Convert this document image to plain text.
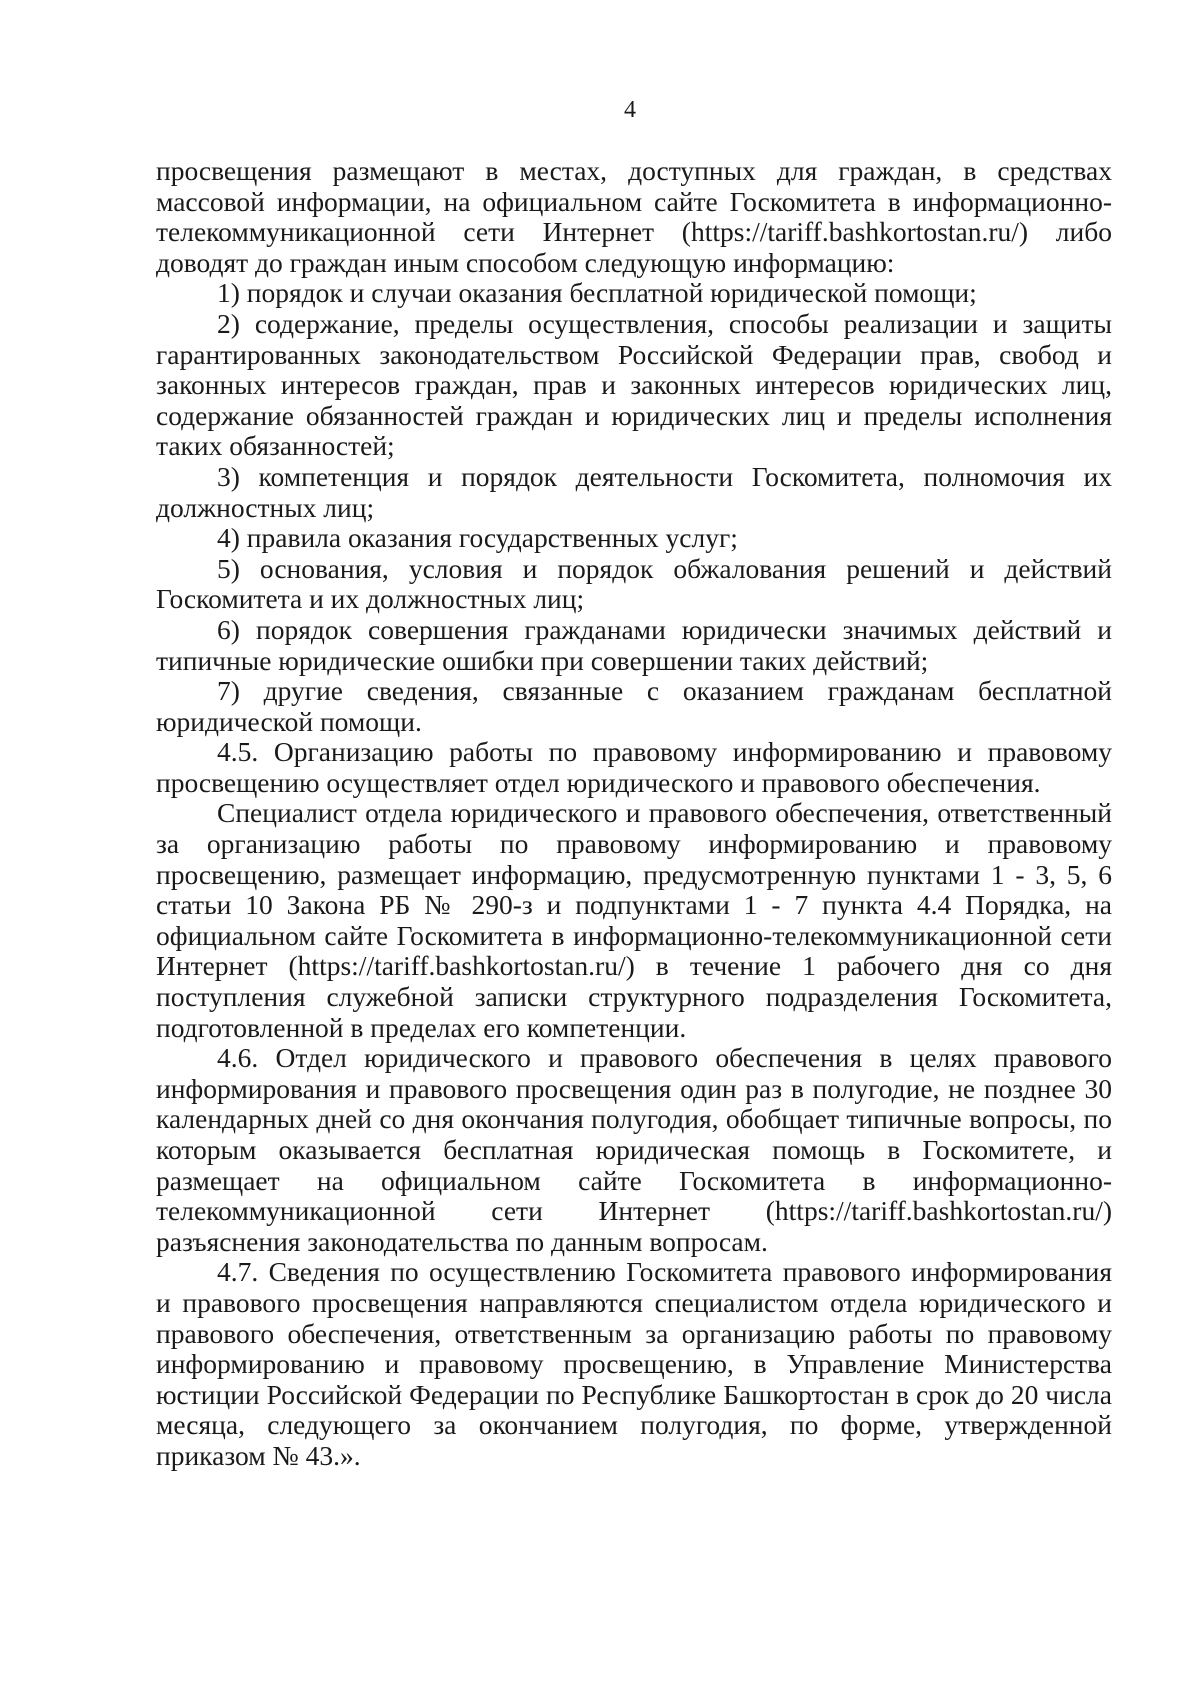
4

просвещения размещают в местах, доступных для граждан, в средствах массовой информации, на официальном сайте Госкомитета в информационно-телекоммуникационной сети Интернет (https://tariff.bashkortostan.ru/) либо доводят до граждан иным способом следующую информацию:

1) порядок и случаи оказания бесплатной юридической помощи;

2) содержание, пределы осуществления, способы реализации и защиты гарантированных законодательством Российской Федерации прав, свобод и законных интересов граждан, прав и законных интересов юридических лиц, содержание обязанностей граждан и юридических лиц и пределы исполнения таких обязанностей;

3) компетенция и порядок деятельности Госкомитета, полномочия их должностных лиц;

4) правила оказания государственных услуг;

5) основания, условия и порядок обжалования решений и действий Госкомитета и их должностных лиц;

6) порядок совершения гражданами юридически значимых действий и типичные юридические ошибки при совершении таких действий;

7) другие сведения, связанные с оказанием гражданам бесплатной юридической помощи.

4.5. Организацию работы по правовому информированию и правовому просвещению осуществляет отдел юридического и правового обеспечения.

Специалист отдела юридического и правового обеспечения, ответственный за организацию работы по правовому информированию и правовому просвещению, размещает информацию, предусмотренную пунктами 1 - 3, 5, 6 статьи 10 Закона РБ № 290-з и подпунктами 1 - 7 пункта 4.4 Порядка, на официальном сайте Госкомитета в информационно-телекоммуникационной сети Интернет (https://tariff.bashkortostan.ru/) в течение 1 рабочего дня со дня поступления служебной записки структурного подразделения Госкомитета, подготовленной в пределах его компетенции.

4.6. Отдел юридического и правового обеспечения в целях правового информирования и правового просвещения один раз в полугодие, не позднее 30 календарных дней со дня окончания полугодия, обобщает типичные вопросы, по которым оказывается бесплатная юридическая помощь в Госкомитете, и размещает на официальном сайте Госкомитета в информационно-телекоммуникационной сети Интернет (https://tariff.bashkortostan.ru/) разъяснения законодательства по данным вопросам.

4.7. Сведения по осуществлению Госкомитета правового информирования и правового просвещения направляются специалистом отдела юридического и правового обеспечения, ответственным за организацию работы по правовому информированию и правовому просвещению, в Управление Министерства юстиции Российской Федерации по Республике Башкортостан в срок до 20 числа месяца, следующего за окончанием полугодия, по форме, утвержденной приказом № 43.».
